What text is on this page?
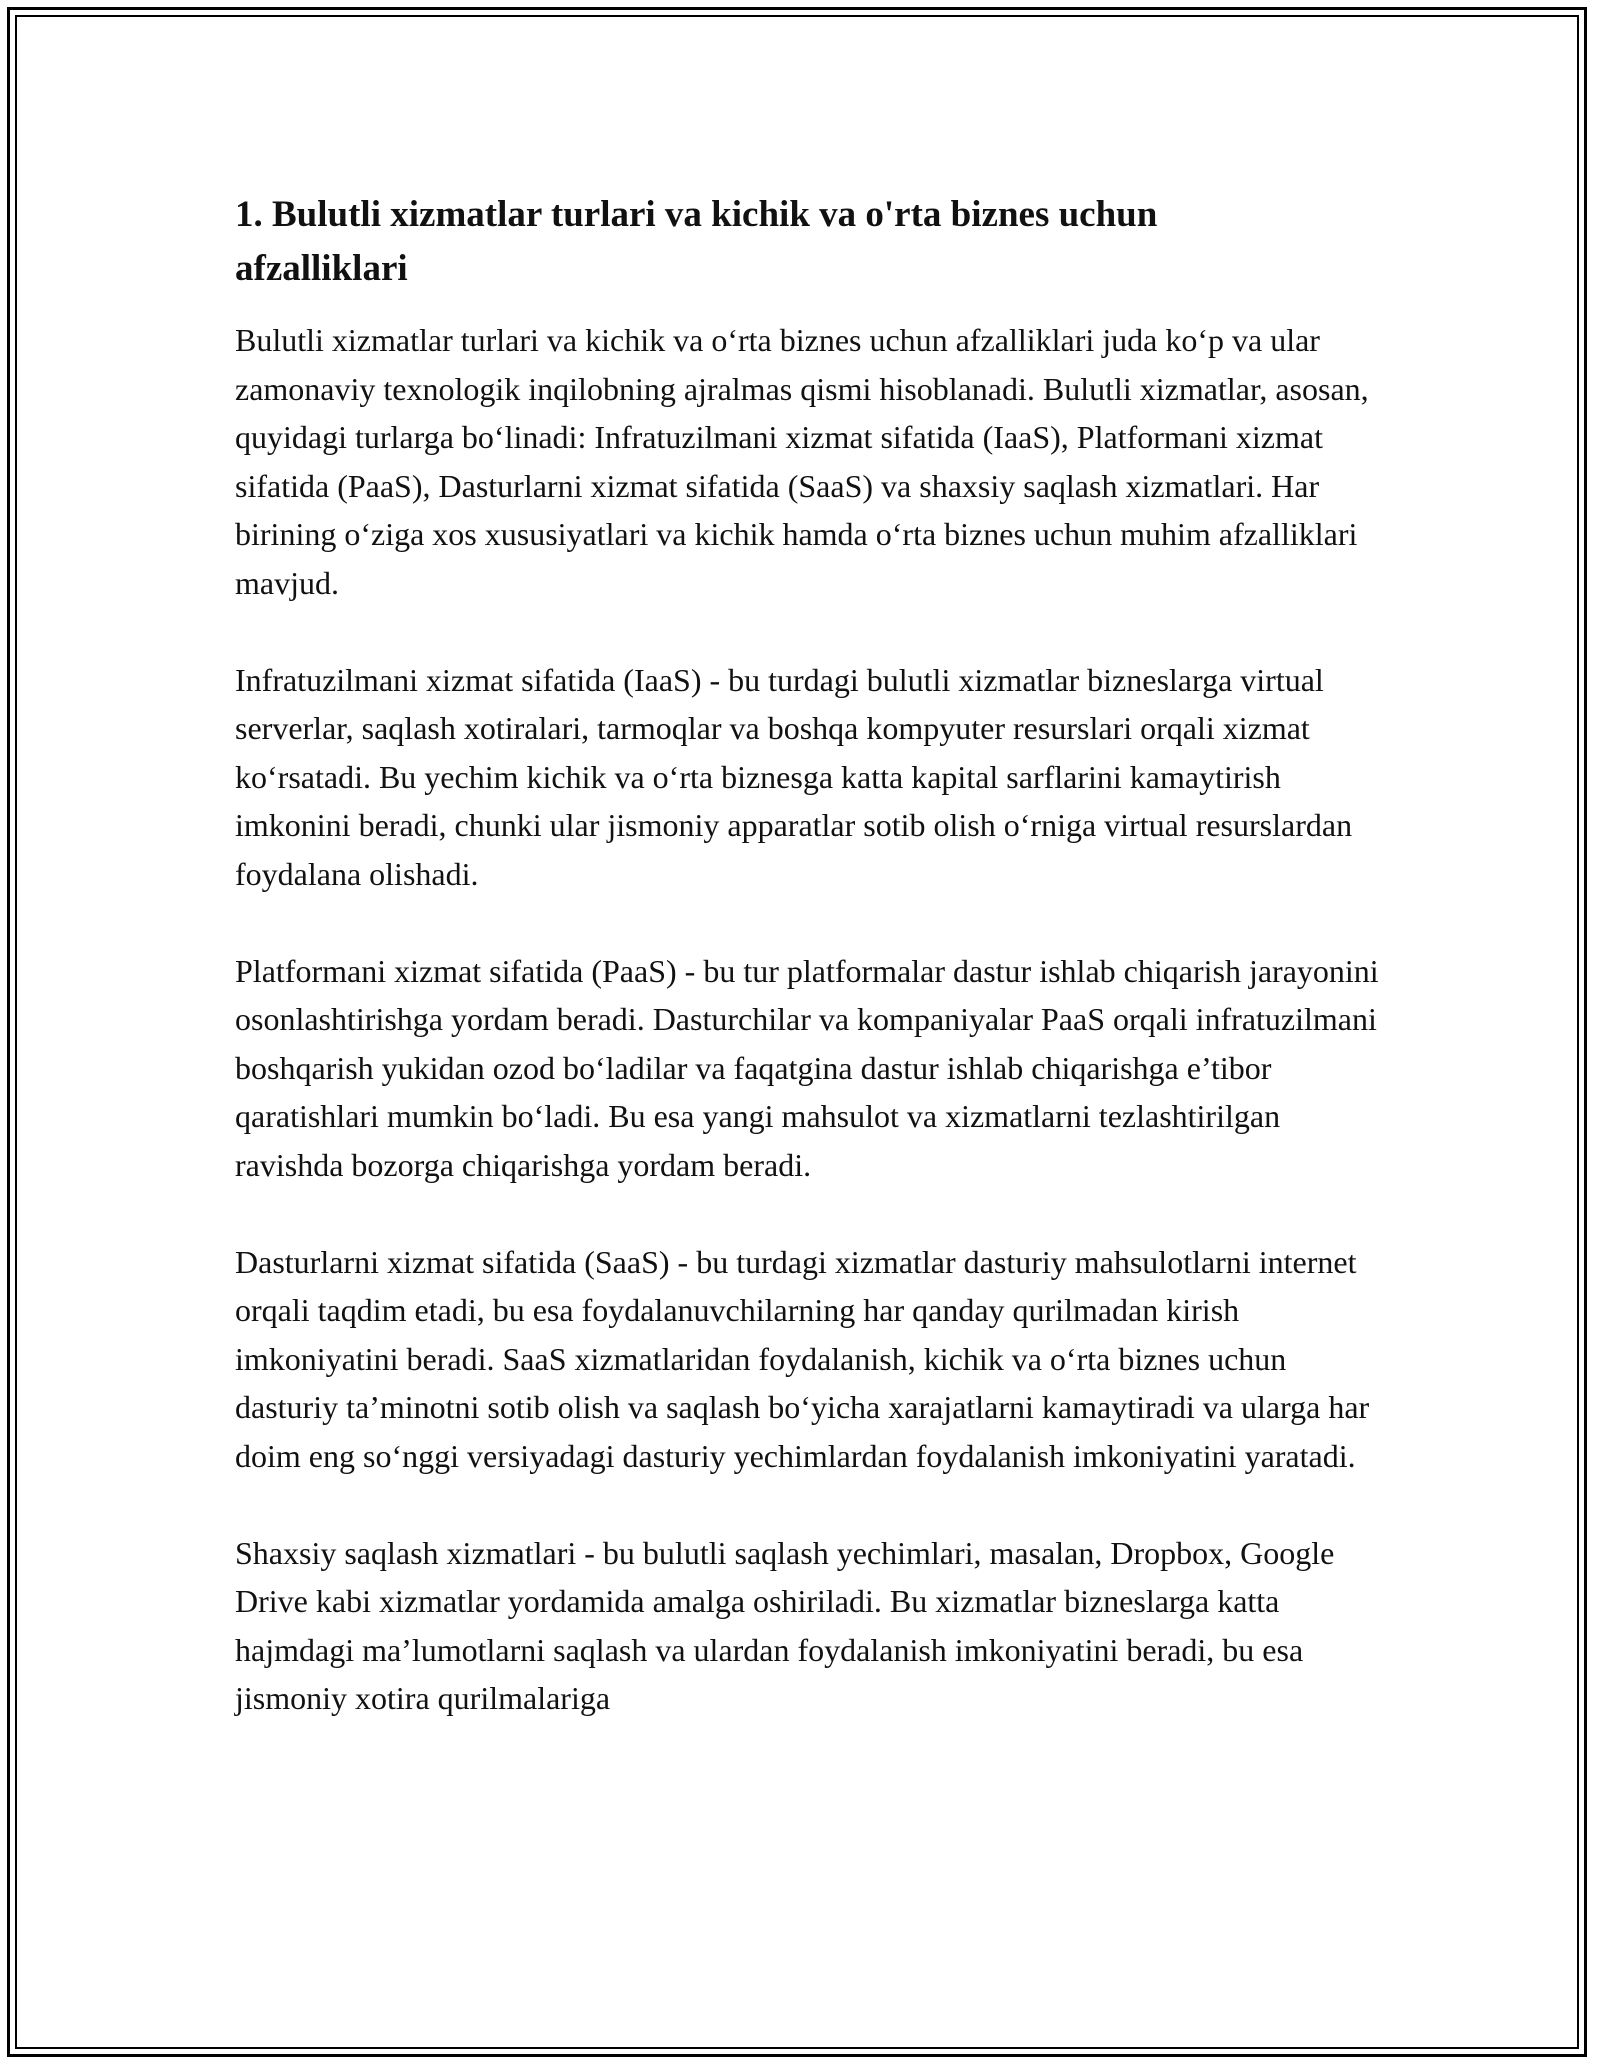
1. Bulutli xizmatlar turlari va kichik va o'rta biznes uchun afzalliklari

Bulutli xizmatlar turlari va kichik va o‘rta biznes uchun afzalliklari juda ko‘p va ular zamonaviy texnologik inqilobning ajralmas qismi hisoblanadi. Bulutli xizmatlar, asosan, quyidagi turlarga bo‘linadi: Infratuzilmani xizmat sifatida (IaaS), Platformani xizmat sifatida (PaaS), Dasturlarni xizmat sifatida (SaaS) va shaxsiy saqlash xizmatlari. Har birining o‘ziga xos xususiyatlari va kichik hamda o‘rta biznes uchun muhim afzalliklari mavjud.

Infratuzilmani xizmat sifatida (IaaS) - bu turdagi bulutli xizmatlar bizneslarga virtual serverlar, saqlash xotiralari, tarmoqlar va boshqa kompyuter resurslari orqali xizmat ko‘rsatadi. Bu yechim kichik va o‘rta biznesga katta kapital sarflarini kamaytirish imkonini beradi, chunki ular jismoniy apparatlar sotib olish o‘rniga virtual resurslardan foydalana olishadi.

Platformani xizmat sifatida (PaaS) - bu tur platformalar dastur ishlab chiqarish jarayonini osonlashtirishga yordam beradi. Dasturchilar va kompaniyalar PaaS orqali infratuzilmani boshqarish yukidan ozod bo‘ladilar va faqatgina dastur ishlab chiqarishga e’tibor qaratishlari mumkin bo‘ladi. Bu esa yangi mahsulot va xizmatlarni tezlashtirilgan ravishda bozorga chiqarishga yordam beradi.

Dasturlarni xizmat sifatida (SaaS) - bu turdagi xizmatlar dasturiy mahsulotlarni internet orqali taqdim etadi, bu esa foydalanuvchilarning har qanday qurilmadan kirish imkoniyatini beradi. SaaS xizmatlaridan foydalanish, kichik va o‘rta biznes uchun dasturiy ta’minotni sotib olish va saqlash bo‘yicha xarajatlarni kamaytiradi va ularga har doim eng so‘nggi versiyadagi dasturiy yechimlardan foydalanish imkoniyatini yaratadi.

Shaxsiy saqlash xizmatlari - bu bulutli saqlash yechimlari, masalan, Dropbox, Google Drive kabi xizmatlar yordamida amalga oshiriladi. Bu xizmatlar bizneslarga katta hajmdagi ma’lumotlarni saqlash va ulardan foydalanish imkoniyatini beradi, bu esa jismoniy xotira qurilmalariga
